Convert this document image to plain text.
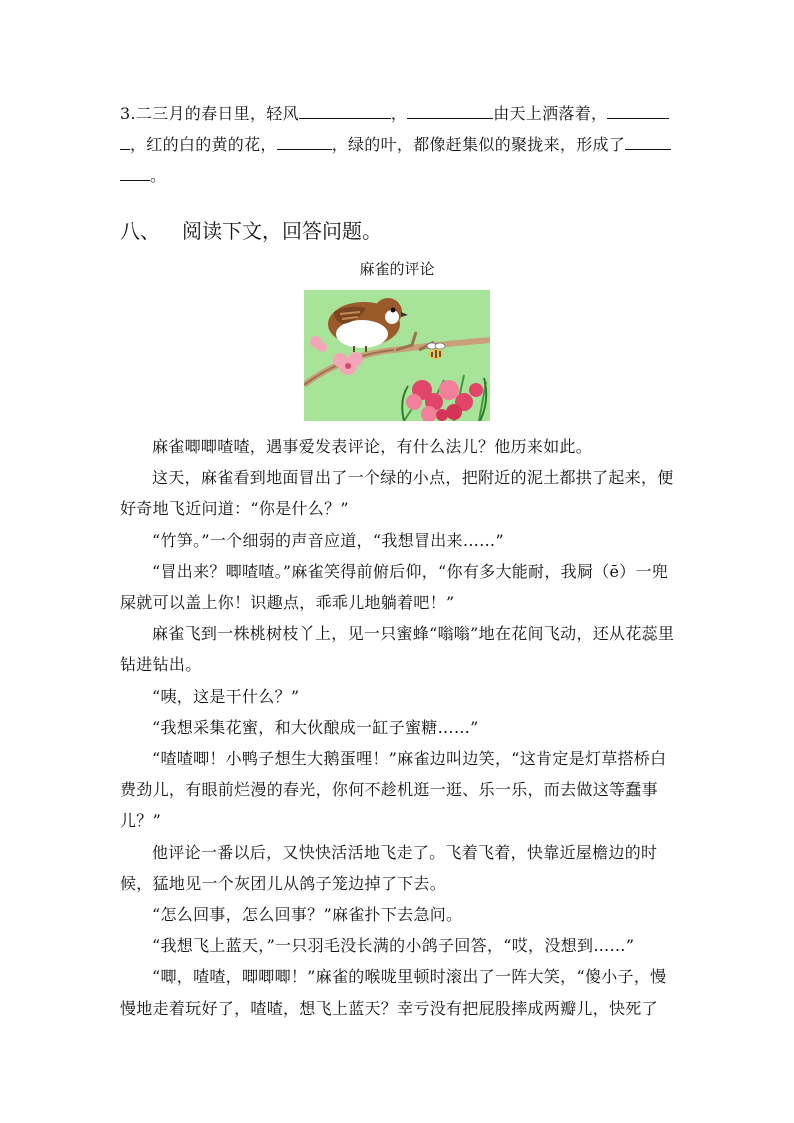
3.二三月的春日里，轻风	，	由天上洒落着，，红的白的黄的花，	，绿的叶，都像赶集似的聚拢来，形成了。
八、 阅读下文，回答问题。
麻雀的评论

麻雀唧唧喳喳，遇事爱发表评论，有什么法儿？他历来如此。

这天，麻雀看到地面冒出了一个绿的小点，把附近的泥土都拱了起来，便好奇地飞近问道：“你是什么？”

“竹笋。”一个细弱的声音应道，“我想冒出来……”

“冒出来？唧喳喳。”麻雀笑得前俯后仰，“你有多大能耐，我屙（ē）一兜屎就可以盖上你！识趣点，乖乖儿地躺着吧！”

麻雀飞到一株桃树枝丫上，见一只蜜蜂“嗡嗡”地在花间飞动，还从花蕊里钻进钻出。

“咦，这是干什么？”

“我想采集花蜜，和大伙酿成一缸子蜜糖……”

“喳喳唧！小鸭子想生大鹅蛋哩！”麻雀边叫边笑，“这肯定是灯草搭桥白费劲儿，有眼前烂漫的春光，你何不趁机逛一逛、乐一乐，而去做这等蠢事儿？”

他评论一番以后，又快快活活地飞走了。飞着飞着，快靠近屋檐边的时候，猛地见一个灰团儿从鸽子笼边掉了下去。

“怎么回事，怎么回事？”麻雀扑下去急问。

“我想飞上蓝天，”一只羽毛没长满的小鸽子回答，“哎，没想到……”

“唧，喳喳，唧唧唧！”麻雀的喉咙里顿时滚出了一阵大笑，“傻小子，慢慢地走着玩好了，喳喳，想飞上蓝天？幸亏没有把屁股摔成两瓣儿，快死了
